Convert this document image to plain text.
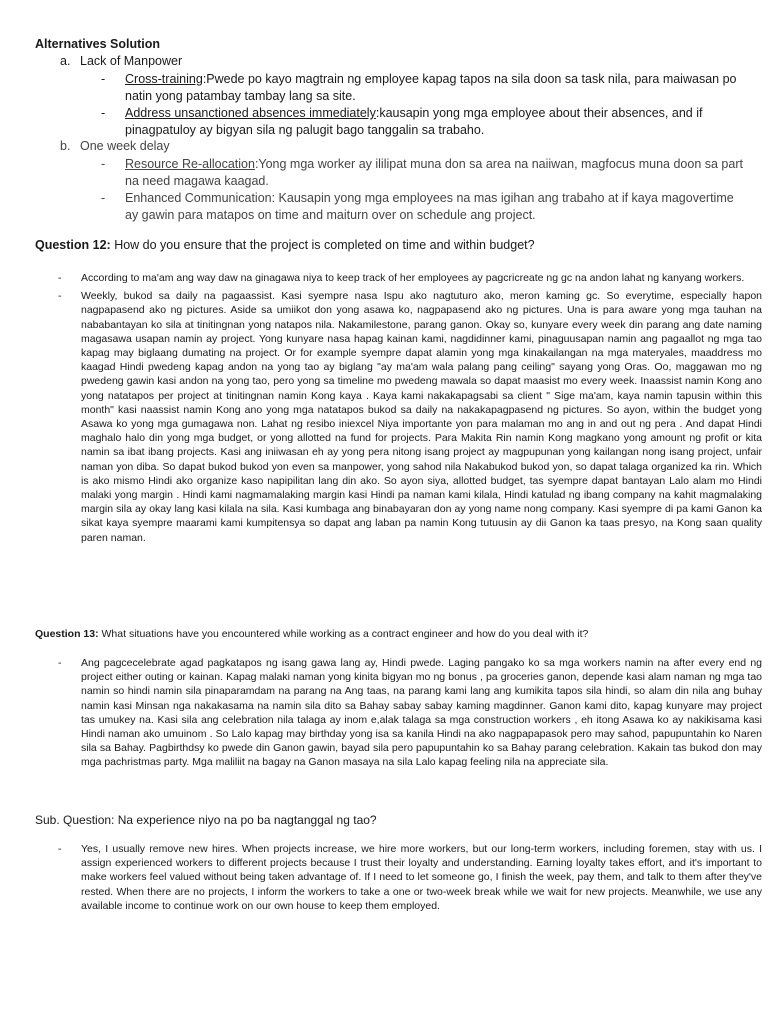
Alternatives Solution
a. Lack of Manpower
-	Cross-training:Pwede po kayo magtrain ng employee kapag tapos na sila doon sa task nila, para maiwasan po natin yong patambay tambay lang sa site.
-	Address unsanctioned absences immediately:kausapin yong mga employee about their absences, and if pinagpatuloy ay bigyan sila ng palugit bago tanggalin sa trabaho.
b. One week delay
-	Resource Re-allocation:Yong mga worker ay ililipat muna don sa area na naiiwan, magfocus muna doon sa part na need magawa kaagad.
-	Enhanced Communication: Kausapin yong mga employees na mas igihan ang trabaho at if kaya magovertime ay gawin para matapos on time and maiturn over on schedule ang project.
Question 12: How do you ensure that the project is completed on time and within budget?
-	According to ma'am ang way daw na ginagawa niya to keep track of her employees ay pagcricreate ng gc na andon lahat ng kanyang workers.
-	Weekly, bukod sa daily na pagaassist. Kasi syempre nasa Ispu ako nagtuturo ako, meron kaming gc. So everytime, especially hapon nagpapasend ako ng pictures. Aside sa umiikot don yong asawa ko, nagpapasend ako ng pictures. Una is para aware yong mga tauhan na nababantayan ko sila at tinitingnan yong natapos nila. Nakamilestone, parang ganon. Okay so, kunyare every week din parang ang date naming magasawa usapan namin ay project. Yong kunyare nasa hapag kainan kami, nagdidinner kami, pinaguusapan namin ang pagaallot ng mga tao kapag may biglaang dumating na project. Or for example syempre dapat alamin yong mga kinakailangan na mga materyales, maaddress mo kaagad Hindi pwedeng kapag andon na yong tao ay biglang "ay ma'am wala palang pang ceiling" sayang yong Oras. Oo, maggawan mo ng pwedeng gawin kasi andon na yong tao, pero yong sa timeline mo pwedeng mawala so dapat maasist mo every week. Inaassist namin Kong ano yong natatapos per project at tinitingnan namin Kong kaya . Kaya kami nakakapagsabi sa client " Sige ma'am, kaya namin tapusin within this month" kasi naassist namin Kong ano yong mga natatapos bukod sa daily na nakakapagpasend ng pictures. So ayon, within the budget yong Asawa ko yong mga gumagawa non. Lahat ng resibo iniexcel Niya importante yon para malaman mo ang in and out ng pera . And dapat Hindi maghalo halo din yong mga budget, or yong allotted na fund for projects. Para Makita Rin namin Kong magkano yong amount ng profit or kita namin sa ibat ibang projects. Kasi ang iniiwasan eh ay yong pera nitong isang project ay magpupunan yong kailangan nong isang project, unfair naman yon diba. So dapat bukod bukod yon even sa manpower, yong sahod nila Nakabukod bukod yon, so dapat talaga organized ka rin. Which is ako mismo Hindi ako organize kaso napipilitan lang din ako. So ayon siya, allotted budget, tas syempre dapat bantayan Lalo alam mo Hindi malaki yong margin . Hindi kami nagmamalaking margin kasi Hindi pa naman kami kilala, Hindi katulad ng ibang company na kahit magmalaking margin sila ay okay lang kasi kilala na sila. Kasi kumbaga ang binabayaran don ay yong name nong company. Kasi syempre di pa kami Ganon ka sikat kaya syempre maarami kami kumpitensya so dapat ang laban pa namin Kong tutuusin ay dii Ganon ka taas presyo, na Kong saan quality paren naman.
Question 13: What situations have you encountered while working as a contract engineer and how do you deal with it?
-	Ang pagcecelebrate agad pagkatapos ng isang gawa lang ay, Hindi pwede. Laging pangako ko sa mga workers namin na after every end ng project either outing or kainan. Kapag malaki naman yong kinita bigyan mo ng bonus , pa groceries ganon, depende kasi alam naman ng mga tao namin so hindi namin sila pinaparamdam na parang na Ang taas, na parang kami lang ang kumikita tapos sila hindi, so alam din nila ang buhay namin kasi Minsan nga nakakasama na namin sila dito sa Bahay sabay sabay kaming magdinner. Ganon kami dito, kapag kunyare may project tas umukey na. Kasi sila ang celebration nila talaga ay inom e,alak talaga sa mga construction workers , eh itong Asawa ko ay nakikisama kasi Hindi naman ako umuinom . So Lalo kapag may birthday yong isa sa kanila Hindi na ako nagpapapasok pero may sahod, papupuntahin ko Naren sila sa Bahay. Pagbirthdsy ko pwede din Ganon gawin, bayad sila pero papupuntahin ko sa Bahay parang celebration. Kakain tas bukod don may mga pachristmas party. Mga maliliit na bagay na Ganon masaya na sila Lalo kapag feeling nila na appreciate sila.
Sub. Question: Na experience niyo na po ba nagtanggal ng tao?
-	Yes, I usually remove new hires. When projects increase, we hire more workers, but our long-term workers, including foremen, stay with us. I assign experienced workers to different projects because I trust their loyalty and understanding. Earning loyalty takes effort, and it's important to make workers feel valued without being taken advantage of. If I need to let someone go, I finish the week, pay them, and talk to them after they've rested. When there are no projects, I inform the workers to take a one or two-week break while we wait for new projects. Meanwhile, we use any available income to continue work on our own house to keep them employed.
